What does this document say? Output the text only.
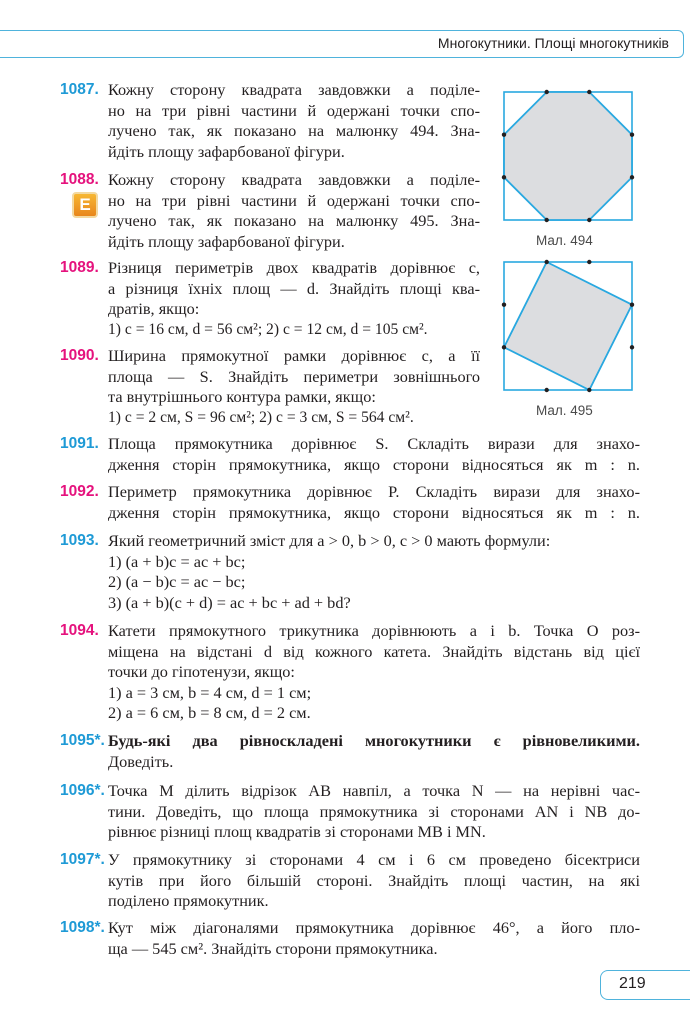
Многокутники. Площі многокутників
1087. Кожну сторону квадрата завдовжки a поділе-
но на три рівні частини й одержані точки спо-
лучено так, як показано на малюнку 494. Зна-
йдіть площу зафарбованої фігури.
1088.
E
Кожну сторону квадрата завдовжки a поділе-
но на три рівні частини й одержані точки спо-
лучено так, як показано на малюнку 495. Зна-
йдіть площу зафарбованої фігури.
1089. Різниця периметрів двох квадратів дорівнює c,
а різниця їхніх площ — d. Знайдіть площі ква-
дратів, якщо:
1) c = 16 см, d = 56 см²; 2) c = 12 см, d = 105 см².
1090. Ширина прямокутної рамки дорівнює c, а її
площа — S. Знайдіть периметри зовнішнього
та внутрішнього контура рамки, якщо:
1) c = 2 см, S = 96 см²; 2) c = 3 см, S = 564 см².
1091. Площа прямокутника дорівнює S. Складіть вирази для знахо-
дження сторін прямокутника, якщо сторони відносяться як m : n.
1092. Периметр прямокутника дорівнює P. Складіть вирази для знахо-
дження сторін прямокутника, якщо сторони відносяться як m : n.
1093. Який геометричний зміст для a > 0, b > 0, c > 0 мають формули:
1) (a + b)c = ac + bc;
2) (a − b)c = ac − bc;
3) (a + b)(c + d) = ac + bc + ad + bd?
1094. Катети прямокутного трикутника дорівнюють a і b. Точка O роз-
міщена на відстані d від кожного катета. Знайдіть відстань від цієї
точки до гіпотенузи, якщо:
1) a = 3 см, b = 4 см, d = 1 см;
2) a = 6 см, b = 8 см, d = 2 см.
1095*. Будь-які два рівноскладені многокутники є рівновеликими.
Доведіть.
1096*. Точка M ділить відрізок AB навпіл, а точка N — на нерівні час-
тини. Доведіть, що площа прямокутника зі сторонами AN і NB до-
рівнює різниці площ квадратів зі сторонами MB і MN.
1097*. У прямокутнику зі сторонами 4 см і 6 см проведено бісектриси
кутів при його більшій стороні. Знайдіть площі частин, на які
поділено прямокутник.
1098*. Кут між діагоналями прямокутника дорівнює 46°, а його пло-
ща — 545 см². Знайдіть сторони прямокутника.
Мал. 494
Мал. 495
219
